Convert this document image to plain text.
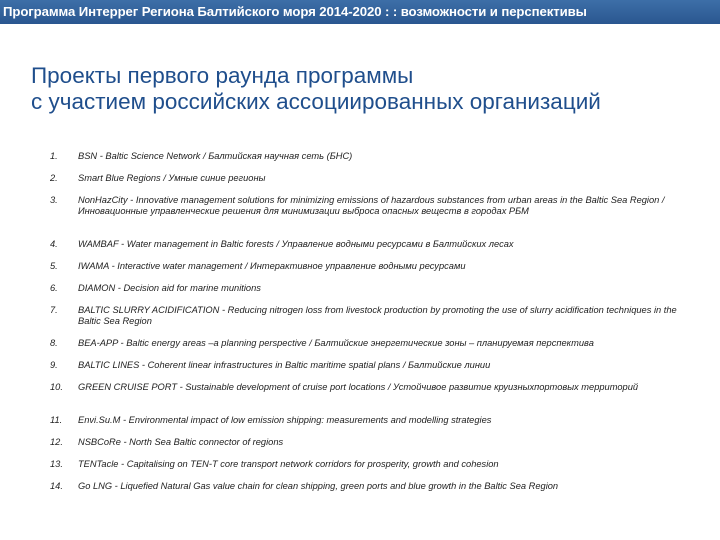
Программа Интеррег Региона Балтийского моря 2014-2020 : : возможности и перспективы
Проекты первого раунда программы
с участием российских ассоциированных организаций
1. BSN - Baltic Science Network / Балтийская научная сеть (БНС)
2. Smart Blue Regions / Умные синие регионы
3. NonHazCity - Innovative management solutions for minimizing emissions of hazardous substances from urban areas in the Baltic Sea Region / Инновационные управленческие решения для минимизации выброса опасных веществ в городах РБМ
4. WAMBAF - Water management in Baltic forests / Управление водными ресурсами в Балтийских лесах
5. IWAMA - Interactive water management / Интерактивное управление водными ресурсами
6. DIAMON - Decision aid for marine munitions
7. BALTIC SLURRY ACIDIFICATION - Reducing nitrogen loss from livestock production by promoting the use of slurry acidification techniques in the Baltic Sea Region
8. BEA-APP - Baltic energy areas –a planning perspective / Балтийские энергетические зоны – планируемая перспектива
9. BALTIC LINES - Coherent linear infrastructures in Baltic maritime spatial plans / Балтийские линии
10. GREEN CRUISE PORT - Sustainable development of cruise port locations / Устойчивое развитие круизныхпортовых территорий
11. Envi.Su.M - Environmental impact of low emission shipping: measurements and modelling strategies
12. NSBCoRe - North Sea Baltic connector of regions
13. TENTacle - Capitalising on TEN-T core transport network corridors for prosperity, growth and cohesion
14. Go LNG - Liquefied Natural Gas value chain for clean shipping, green ports and blue growth in the Baltic Sea Region
